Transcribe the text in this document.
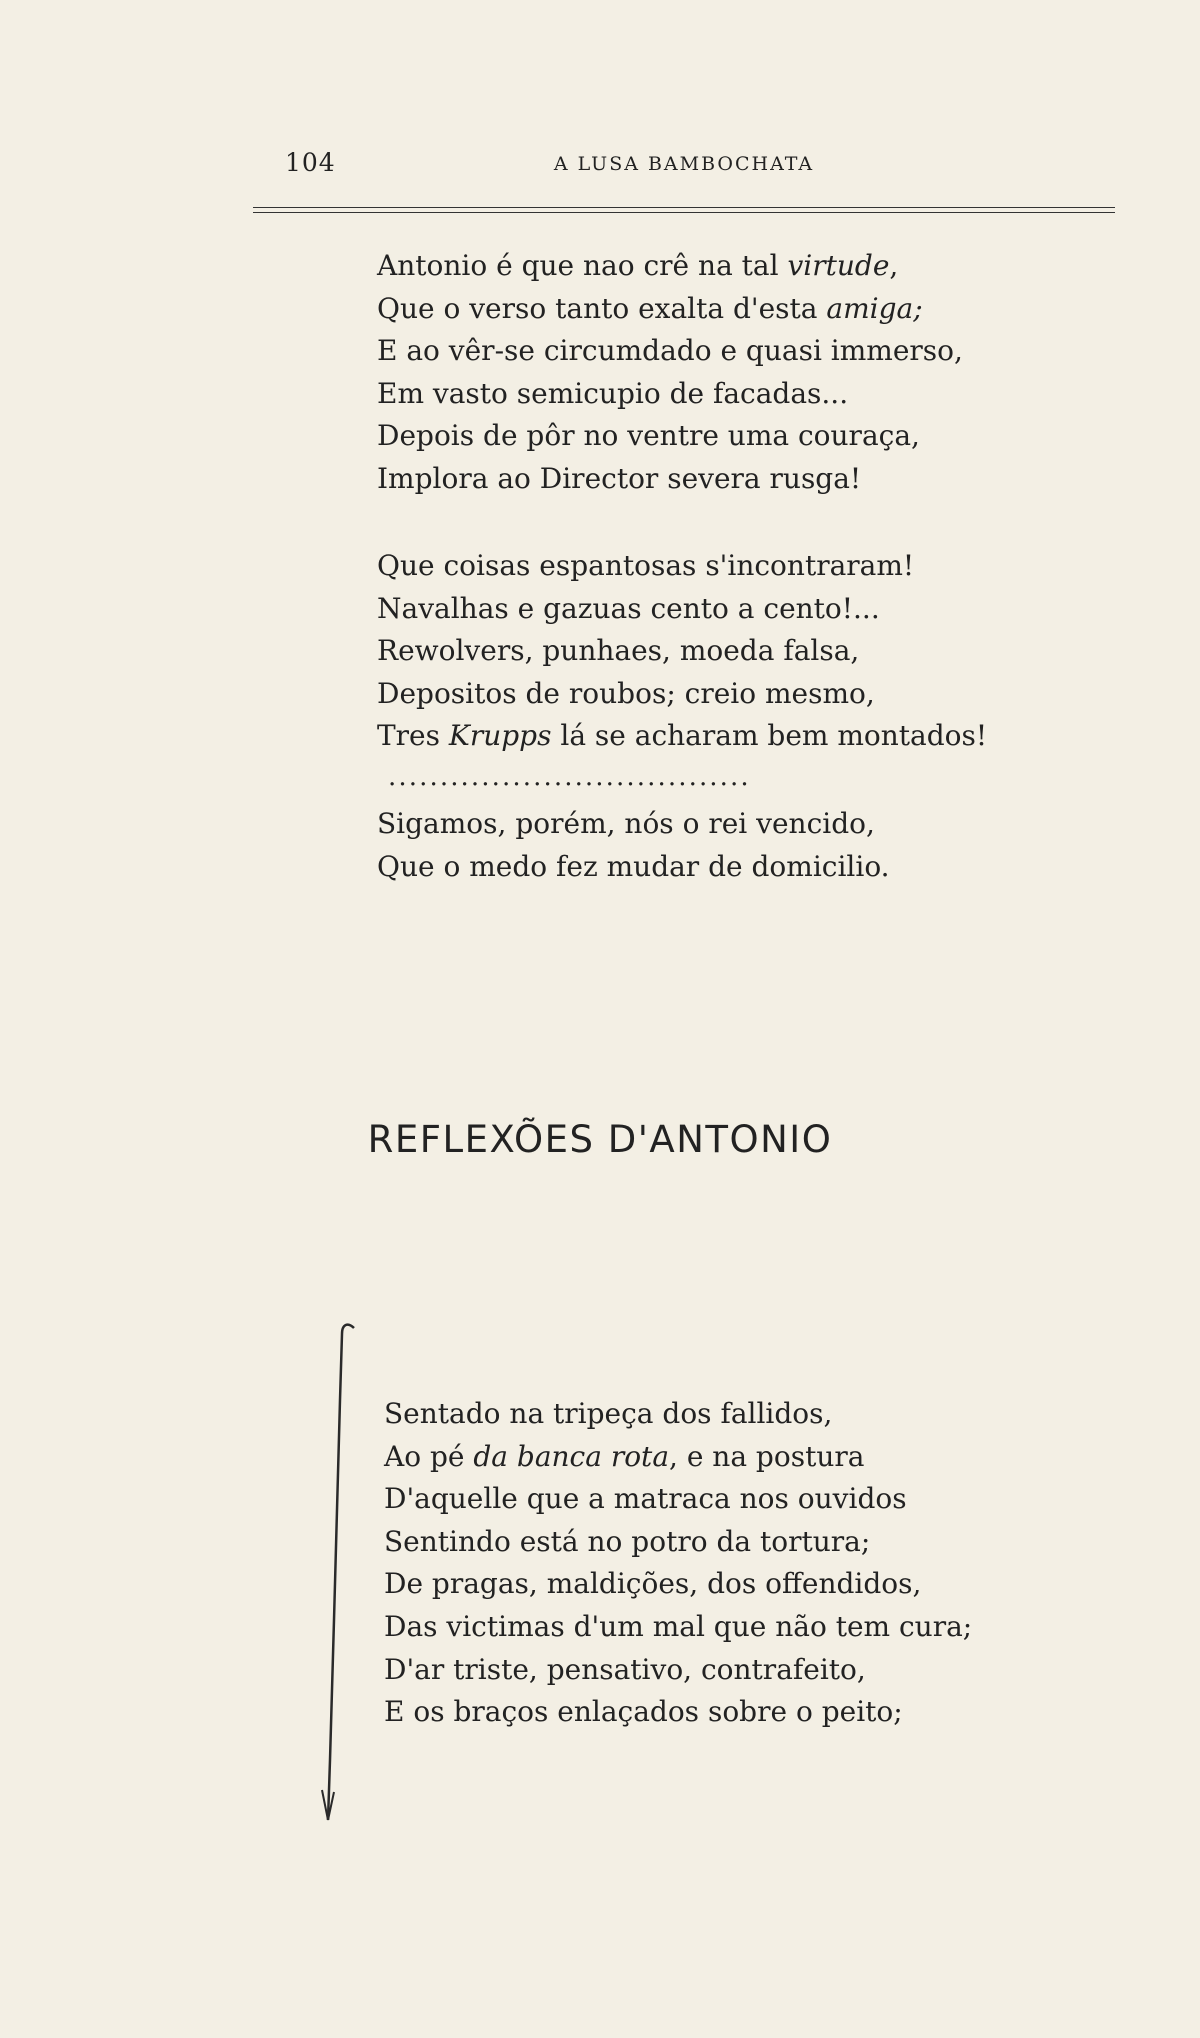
104	A LUSA BAMBOCHATA
Antonio é que nao crê na tal virtude,
Que o verso tanto exalta d'esta amiga;
E ao vêr-se circumdado e quasi immerso,
Em vasto semicupio de facadas...
Depois de pôr no ventre uma couraça,
Implora ao Director severa rusga!
Que coisas espantosas s'incontraram!
Navalhas e gazuas cento a cento!...
Rewolvers, punhaes, moeda falsa,
Depositos de roubos; creio mesmo,
Tres Krupps lá se acharam bem montados!
...................................
Sigamos, porém, nós o rei vencido,
Que o medo fez mudar de domicilio.
REFLEXÕES D'ANTONIO
Sentado na tripeça dos fallidos,
Ao pé da banca rota, e na postura
D'aquelle que a matraca nos ouvidos
Sentindo está no potro da tortura;
De pragas, maldições, dos offendidos,
Das victimas d'um mal que não tem cura;
D'ar triste, pensativo, contrafeito,
E os braços enlaçados sobre o peito;
